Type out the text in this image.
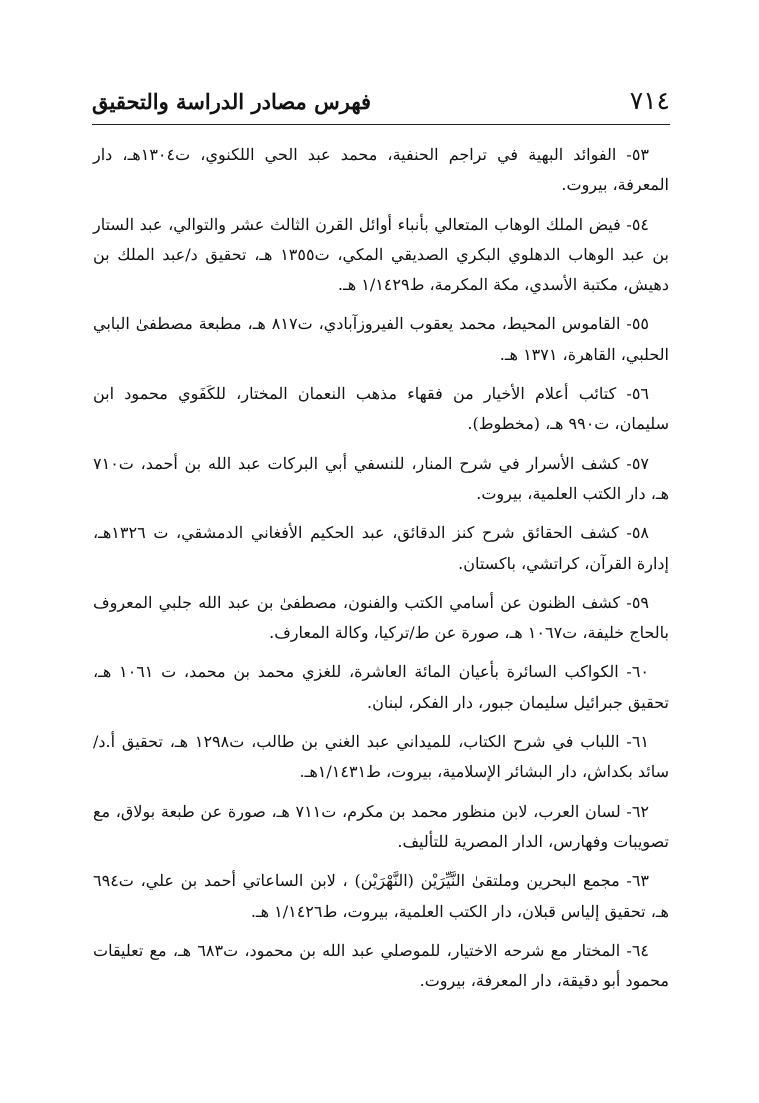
٧١٤
فهرس مصادر الدراسة والتحقيق

٥٣- الفوائد البهية في تراجم الحنفية، محمد عبد الحي اللكنوي، ت١٣٠٤هـ، دار المعرفة، بيروت.

٥٤- فيض الملك الوهاب المتعالي بأنباء أوائل القرن الثالث عشر والتوالي، عبد الستار بن عبد الوهاب الدهلوي البكري الصديقي المكي، ت١٣٥٥ هـ، تحقيق د/عبد الملك بن دهيش، مكتبة الأسدي، مكة المكرمة، ط١/١٤٢٩ هـ.

٥٥- القاموس المحيط، محمد يعقوب الفيروزآبادي، ت٨١٧ هـ، مطبعة مصطفىٰ البابي الحلبي، القاهرة، ١٣٧١ هـ.

٥٦- كتائب أعلام الأخيار من فقهاء مذهب النعمان المختار، للكَفَوي محمود ابن سليمان، ت٩٩٠ هـ، (مخطوط).

٥٧- كشف الأسرار في شرح المنار، للنسفي أبي البركات عبد الله بن أحمد، ت٧١٠ هـ، دار الكتب العلمية، بيروت.

٥٨- كشف الحقائق شرح كنز الدقائق، عبد الحكيم الأفغاني الدمشقي، ت ١٣٢٦هـ، إدارة القرآن، كراتشي، باكستان.

٥٩- كشف الظنون عن أسامي الكتب والفنون، مصطفىٰ بن عبد الله جلبي المعروف بالحاج خليفة، ت١٠٦٧ هـ، صورة عن ط/تركيا، وكالة المعارف.

٦٠- الكواكب السائرة بأعيان المائة العاشرة، للغزي محمد بن محمد، ت ١٠٦١ هـ، تحقيق جبرائيل سليمان جبور، دار الفكر، لبنان.

٦١- اللباب في شرح الكتاب، للميداني عبد الغني بن طالب، ت١٢٩٨ هـ، تحقيق أ.د/سائد بكداش، دار البشائر الإسلامية، بيروت، ط١/١٤٣١هـ.

٦٢- لسان العرب، لابن منظور محمد بن مكرم، ت٧١١ هـ، صورة عن طبعة بولاق، مع تصويبات وفهارس، الدار المصرية للتأليف.

٦٣- مجمع البحرين وملتقىٰ النَّيِّرَيْن (النَّهْرَيْن) ، لابن الساعاتي أحمد بن علي، ت٦٩٤ هـ، تحقيق إلياس قبلان، دار الكتب العلمية، بيروت، ط١/١٤٢٦ هـ.

٦٤- المختار مع شرحه الاختيار، للموصلي عبد الله بن محمود، ت٦٨٣ هـ، مع تعليقات محمود أبو دقيقة، دار المعرفة، بيروت.
